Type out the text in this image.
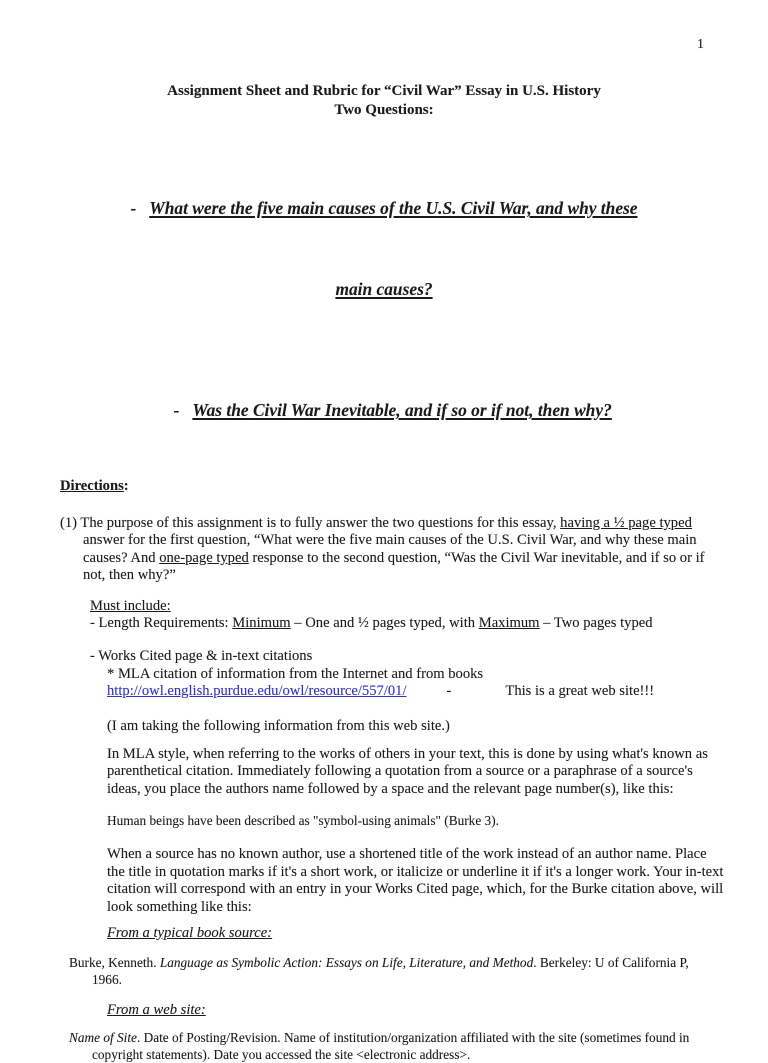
1
Assignment Sheet and Rubric for “Civil War” Essay in U.S. History
Two Questions:

- What were the five main causes of the U.S. Civil War, and why these

main causes?

- Was the Civil War Inevitable, and if so or if not, then why?

Directions:
(1) The purpose of this assignment is to fully answer the two questions for this essay, having a ½ page typed
answer for the first question, “What were the five main causes of the U.S. Civil War, and why these main
causes? And one-page typed response to the second question, “Was the Civil War inevitable, and if so or if
not, then why?”
Must include:
- Length Requirements: Minimum – One and ½ pages typed, with Maximum – Two pages typed
- Works Cited page & in-text citations
* MLA citation of information from the Internet and from books
http://owl.english.purdue.edu/owl/resource/557/01/	-	This is a great web site!!!
(I am taking the following information from this web site.)
In MLA style, when referring to the works of others in your text, this is done by using what's known as
parenthetical citation. Immediately following a quotation from a source or a paraphrase of a source's
ideas, you place the authors name followed by a space and the relevant page number(s), like this:
Human beings have been described as "symbol-using animals" (Burke 3).
When a source has no known author, use a shortened title of the work instead of an author name. Place
the title in quotation marks if it's a short work, or italicize or underline it if it's a longer work. Your in-text
citation will correspond with an entry in your Works Cited page, which, for the Burke citation above, will
look something like this:
From a typical book source:
Burke, Kenneth. Language as Symbolic Action: Essays on Life, Literature, and Method. Berkeley: U of California P,
1966.
From a web site:
Name of Site. Date of Posting/Revision. Name of institution/organization affiliated with the site (sometimes found in
copyright statements). Date you accessed the site <electronic address>.
